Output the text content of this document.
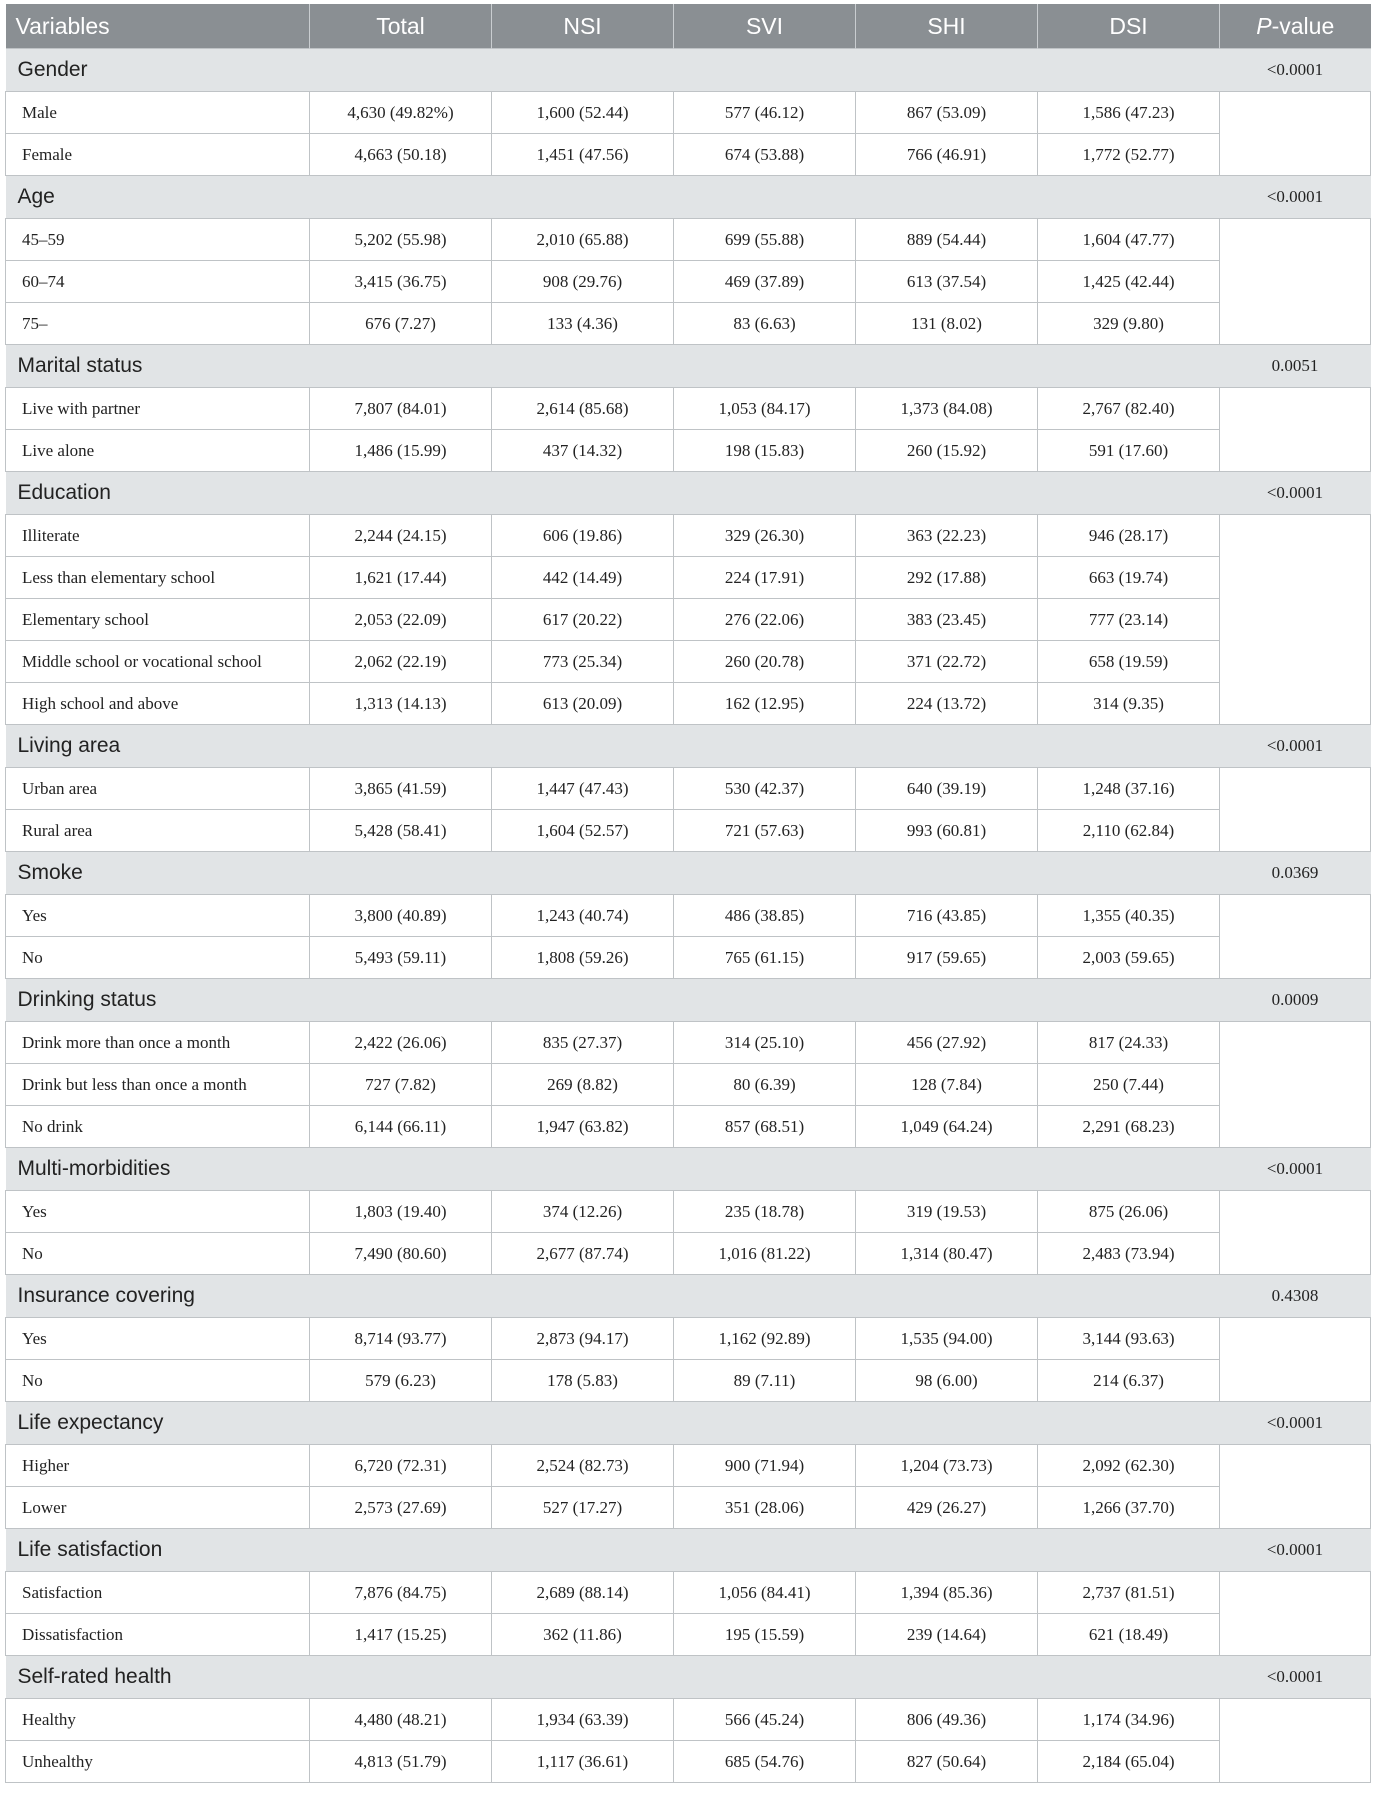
Variables	Total	NSI	SVI	SHI	DSI	P-value
Gender						<0.0001
Male	4,630 (49.82%)	1,600 (52.44)	577 (46.12)	867 (53.09)	1,586 (47.23)	
Female	4,663 (50.18)	1,451 (47.56)	674 (53.88)	766 (46.91)	1,772 (52.77)	
Age						<0.0001
45–59	5,202 (55.98)	2,010 (65.88)	699 (55.88)	889 (54.44)	1,604 (47.77)	
60–74	3,415 (36.75)	908 (29.76)	469 (37.89)	613 (37.54)	1,425 (42.44)	
75–	676 (7.27)	133 (4.36)	83 (6.63)	131 (8.02)	329 (9.80)	
Marital status						0.0051
Live with partner	7,807 (84.01)	2,614 (85.68)	1,053 (84.17)	1,373 (84.08)	2,767 (82.40)	
Live alone	1,486 (15.99)	437 (14.32)	198 (15.83)	260 (15.92)	591 (17.60)	
Education						<0.0001
Illiterate	2,244 (24.15)	606 (19.86)	329 (26.30)	363 (22.23)	946 (28.17)	
Less than elementary school	1,621 (17.44)	442 (14.49)	224 (17.91)	292 (17.88)	663 (19.74)	
Elementary school	2,053 (22.09)	617 (20.22)	276 (22.06)	383 (23.45)	777 (23.14)	
Middle school or vocational school	2,062 (22.19)	773 (25.34)	260 (20.78)	371 (22.72)	658 (19.59)	
High school and above	1,313 (14.13)	613 (20.09)	162 (12.95)	224 (13.72)	314 (9.35)	
Living area						<0.0001
Urban area	3,865 (41.59)	1,447 (47.43)	530 (42.37)	640 (39.19)	1,248 (37.16)	
Rural area	5,428 (58.41)	1,604 (52.57)	721 (57.63)	993 (60.81)	2,110 (62.84)	
Smoke						0.0369
Yes	3,800 (40.89)	1,243 (40.74)	486 (38.85)	716 (43.85)	1,355 (40.35)	
No	5,493 (59.11)	1,808 (59.26)	765 (61.15)	917 (59.65)	2,003 (59.65)	
Drinking status						0.0009
Drink more than once a month	2,422 (26.06)	835 (27.37)	314 (25.10)	456 (27.92)	817 (24.33)	
Drink but less than once a month	727 (7.82)	269 (8.82)	80 (6.39)	128 (7.84)	250 (7.44)	
No drink	6,144 (66.11)	1,947 (63.82)	857 (68.51)	1,049 (64.24)	2,291 (68.23)	
Multi-morbidities						<0.0001
Yes	1,803 (19.40)	374 (12.26)	235 (18.78)	319 (19.53)	875 (26.06)	
No	7,490 (80.60)	2,677 (87.74)	1,016 (81.22)	1,314 (80.47)	2,483 (73.94)	
Insurance covering						0.4308
Yes	8,714 (93.77)	2,873 (94.17)	1,162 (92.89)	1,535 (94.00)	3,144 (93.63)	
No	579 (6.23)	178 (5.83)	89 (7.11)	98 (6.00)	214 (6.37)	
Life expectancy						<0.0001
Higher	6,720 (72.31)	2,524 (82.73)	900 (71.94)	1,204 (73.73)	2,092 (62.30)	
Lower	2,573 (27.69)	527 (17.27)	351 (28.06)	429 (26.27)	1,266 (37.70)	
Life satisfaction						<0.0001
Satisfaction	7,876 (84.75)	2,689 (88.14)	1,056 (84.41)	1,394 (85.36)	2,737 (81.51)	
Dissatisfaction	1,417 (15.25)	362 (11.86)	195 (15.59)	239 (14.64)	621 (18.49)	
Self-rated health						<0.0001
Healthy	4,480 (48.21)	1,934 (63.39)	566 (45.24)	806 (49.36)	1,174 (34.96)	
Unhealthy	4,813 (51.79)	1,117 (36.61)	685 (54.76)	827 (50.64)	2,184 (65.04)	
